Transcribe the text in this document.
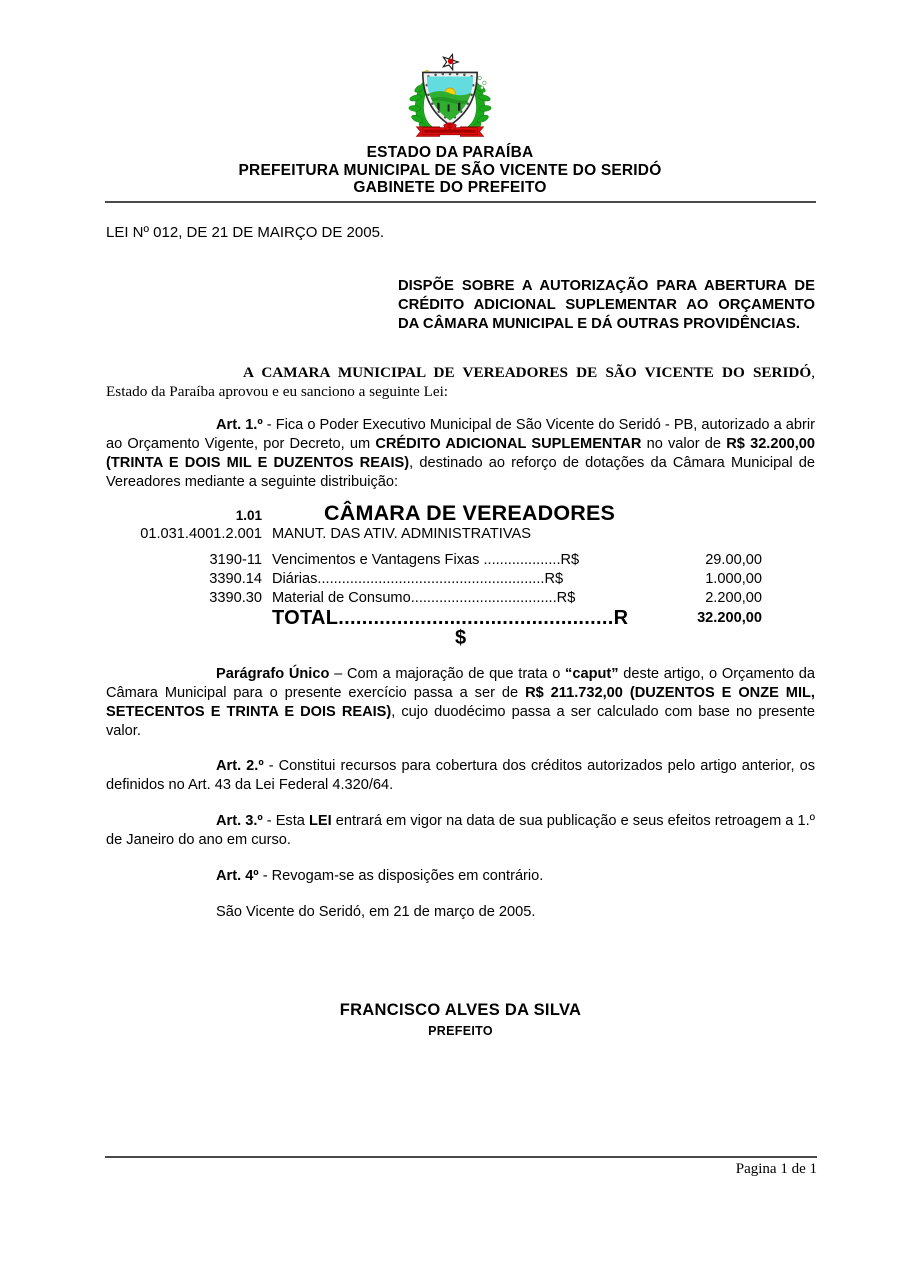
ESTADO DA PARAÍBA
PREFEITURA MUNICIPAL DE SÃO VICENTE DO SERIDÓ
GABINETE DO PREFEITO
LEI Nº 012, DE 21 DE MAIRÇO DE 2005.
DISPÕE SOBRE A AUTORIZAÇÃO PARA ABERTURA DE CRÉDITO ADICIONAL SUPLEMENTAR AO ORÇAMENTO DA CÂMARA MUNICIPAL E DÁ OUTRAS PROVIDÊNCIAS.

A CAMARA MUNICIPAL DE VEREADORES DE SÃO VICENTE DO SERIDÓ, Estado da Paraíba aprovou e eu sanciono a seguinte Lei:

Art. 1.º - Fica o Poder Executivo Municipal de São Vicente do Seridó - PB, autorizado a abrir ao Orçamento Vigente, por Decreto, um CRÉDITO ADICIONAL SUPLEMENTAR no valor de R$ 32.200,00 (TRINTA E DOIS MIL E DUZENTOS REAIS), destinado ao reforço de dotações da Câmara Municipal de Vereadores mediante a seguinte distribuição:

1.01	CÂMARA DE VEREADORES
01.031.4001.2.001 MANUT. DAS ATIV. ADMINISTRATIVAS
3190-11 Vencimentos e Vantagens Fixas ...................R$	29.00,00
3390.14 Diárias........................................................R$	1.000,00
3390.30 Material de Consumo....................................R$	2.200,00
TOTAL...............................................R	32.200,00
$

Parágrafo Único – Com a majoração de que trata o “caput” deste artigo, o Orçamento da Câmara Municipal para o presente exercício passa a ser de R$ 211.732,00 (DUZENTOS E ONZE MIL, SETECENTOS E TRINTA E DOIS REAIS), cujo duodécimo passa a ser calculado com base no presente valor.

Art. 2.º - Constitui recursos para cobertura dos créditos autorizados pelo artigo anterior, os definidos no Art. 43 da Lei Federal 4.320/64.

Art. 3.º - Esta LEI entrará em vigor na data de sua publicação e seus efeitos retroagem a 1.º de Janeiro do ano em curso.

Art. 4º - Revogam-se as disposições em contrário.

São Vicente do Seridó, em 21 de março de 2005.

FRANCISCO ALVES DA SILVA
PREFEITO
Pagina 1 de 1
